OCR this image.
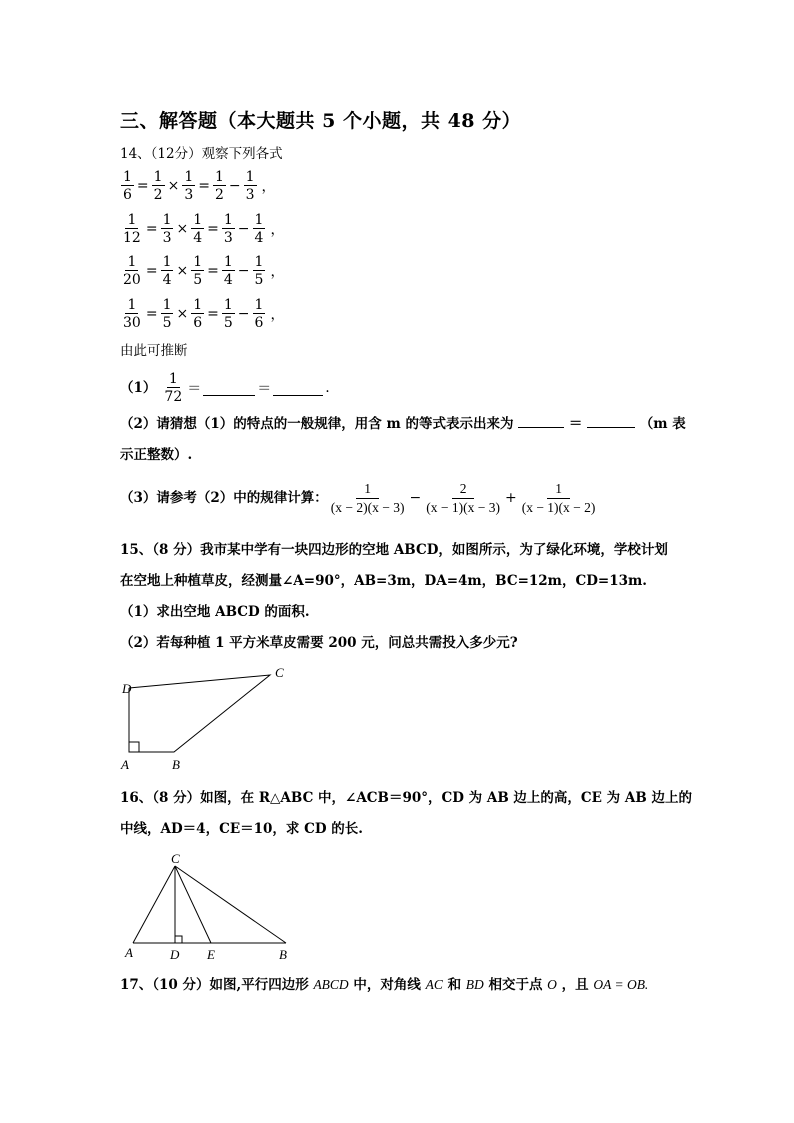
三、解答题（本大题共 5 个小题，共 48 分）
14、（12分）观察下列各式
$\frac{1}{6} = \frac{1}{2} \times \frac{1}{3} = \frac{1}{2} - \frac{1}{3}$ ，
$\frac{1}{12} = \frac{1}{3} \times \frac{1}{4} = \frac{1}{3} - \frac{1}{4}$ ，
$\frac{1}{20} = \frac{1}{4} \times \frac{1}{5} = \frac{1}{4} - \frac{1}{5}$ ，
$\frac{1}{30} = \frac{1}{5} \times \frac{1}{6} = \frac{1}{5} - \frac{1}{6}$ ，
由此可推断
$(1) \frac{1}{72}$ ＝	＝	.
（2）请猜想（1）的特点的一般规律，用含 m 的等式表示出来为	＝	（m 表
示正整数）.
（3）请参考（2）中的规律计算： $\frac{1}{(x - 2)(x - 3)} - \frac{2}{(x - 1)(x - 3)} + \frac{1}{(x - 1)(x - 2)}$
15、（8 分）我市某中学有一块四边形的空地 ABCD，如图所示，为了绿化环境，学校计划
在空地上种植草皮，经测量∠A=90°，AB=3m，DA=4m，BC=12m，CD=13m.
（1）求出空地 ABCD 的面积.
（2）若每种植 1 平方米草皮需要 200 元，问总共需投入多少元?
D
C
A	B
16、（8 分）如图，在 R△ABC 中，∠ACB＝90°，CD 为 AB 边上的高，CE 为 AB 边上的
中线，AD＝4，CE＝10，求 CD 的长.
C
A	D E	B
17、（10 分）如图,平行四边形 ABCD 中，对角线 AC 和 BD 相交于点 O ，且 OA = OB.
